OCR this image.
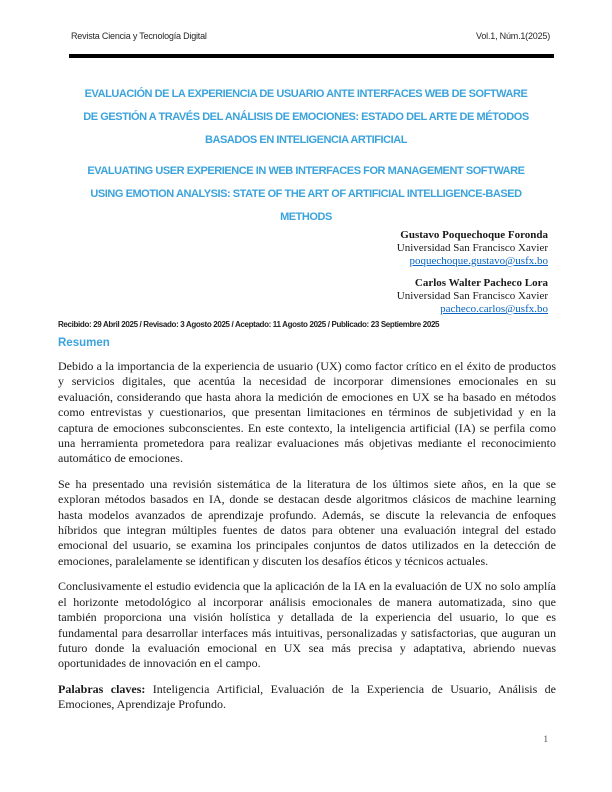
Revista Ciencia y Tecnología Digital	Vol.1, Núm.1(2025)
EVALUACIÓN DE LA EXPERIENCIA DE USUARIO ANTE INTERFACES WEB DE SOFTWARE
DE GESTIÓN A TRAVÉS DEL ANÁLISIS DE EMOCIONES: ESTADO DEL ARTE DE MÉTODOS
BASADOS EN INTELIGENCIA ARTIFICIAL
EVALUATING USER EXPERIENCE IN WEB INTERFACES FOR MANAGEMENT SOFTWARE
USING EMOTION ANALYSIS: STATE OF THE ART OF ARTIFICIAL INTELLIGENCE-BASED
METHODS
Gustavo Poquechoque Foronda
Universidad San Francisco Xavier
poquechoque.gustavo@usfx.bo
Carlos Walter Pacheco Lora
Universidad San Francisco Xavier
pacheco.carlos@usfx.bo
Recibido: 29 Abril 2025 / Revisado: 3 Agosto 2025 / Aceptado: 11 Agosto 2025 / Publicado: 23 Septiembre 2025
Resumen

Debido a la importancia de la experiencia de usuario (UX) como factor crítico en el éxito de productos y servicios digitales, que acentúa la necesidad de incorporar dimensiones emocionales en su evaluación, considerando que hasta ahora la medición de emociones en UX se ha basado en métodos como entrevistas y cuestionarios, que presentan limitaciones en términos de subjetividad y en la captura de emociones subconscientes. En este contexto, la inteligencia artificial (IA) se perfila como una herramienta prometedora para realizar evaluaciones más objetivas mediante el reconocimiento automático de emociones.

Se ha presentado una revisión sistemática de la literatura de los últimos siete años, en la que se exploran métodos basados en IA, donde se destacan desde algoritmos clásicos de machine learning hasta modelos avanzados de aprendizaje profundo. Además, se discute la relevancia de enfoques híbridos que integran múltiples fuentes de datos para obtener una evaluación integral del estado emocional del usuario, se examina los principales conjuntos de datos utilizados en la detección de emociones, paralelamente se identifican y discuten los desafíos éticos y técnicos actuales.

Conclusivamente el estudio evidencia que la aplicación de la IA en la evaluación de UX no solo amplía el horizonte metodológico al incorporar análisis emocionales de manera automatizada, sino que también proporciona una visión holística y detallada de la experiencia del usuario, lo que es fundamental para desarrollar interfaces más intuitivas, personalizadas y satisfactorias, que auguran un futuro donde la evaluación emocional en UX sea más precisa y adaptativa, abriendo nuevas oportunidades de innovación en el campo.

Palabras claves: Inteligencia Artificial, Evaluación de la Experiencia de Usuario, Análisis de Emociones, Aprendizaje Profundo.

1
